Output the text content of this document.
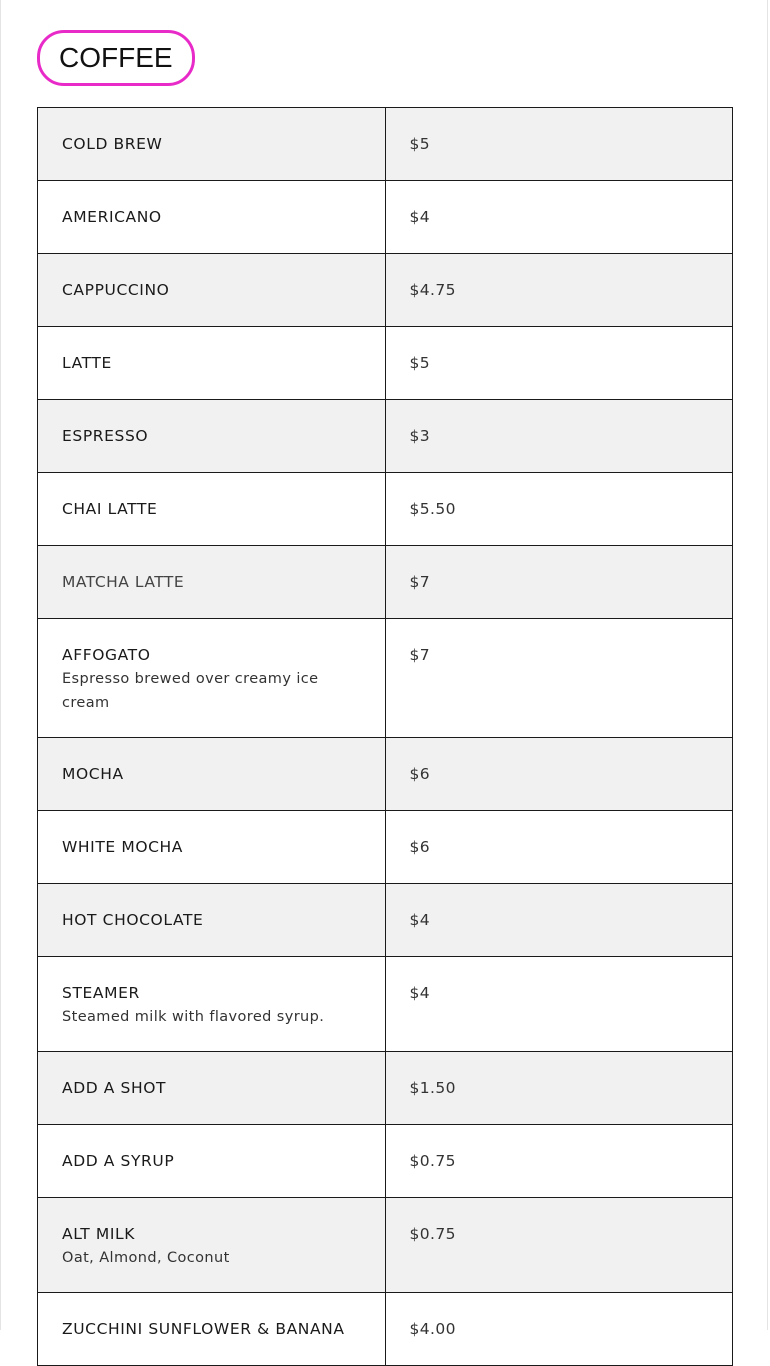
COFFEE
COLD BREW	$5

AMERICANO	$4

CAPPUCCINO	$4.75

LATTE	$5

ESPRESSO	$3

CHAI LATTE	$5.50

MATCHA LATTE	$7

AFFOGATO
Espresso brewed over creamy ice cream	$7

MOCHA	$6

WHITE MOCHA	$6

HOT CHOCOLATE	$4

STEAMER
Steamed milk with flavored syrup.	$4

ADD A SHOT	$1.50

ADD A SYRUP	$0.75

ALT MILK
Oat, Almond, Coconut	$0.75

ZUCCHINI SUNFLOWER & BANANA	$4.00
